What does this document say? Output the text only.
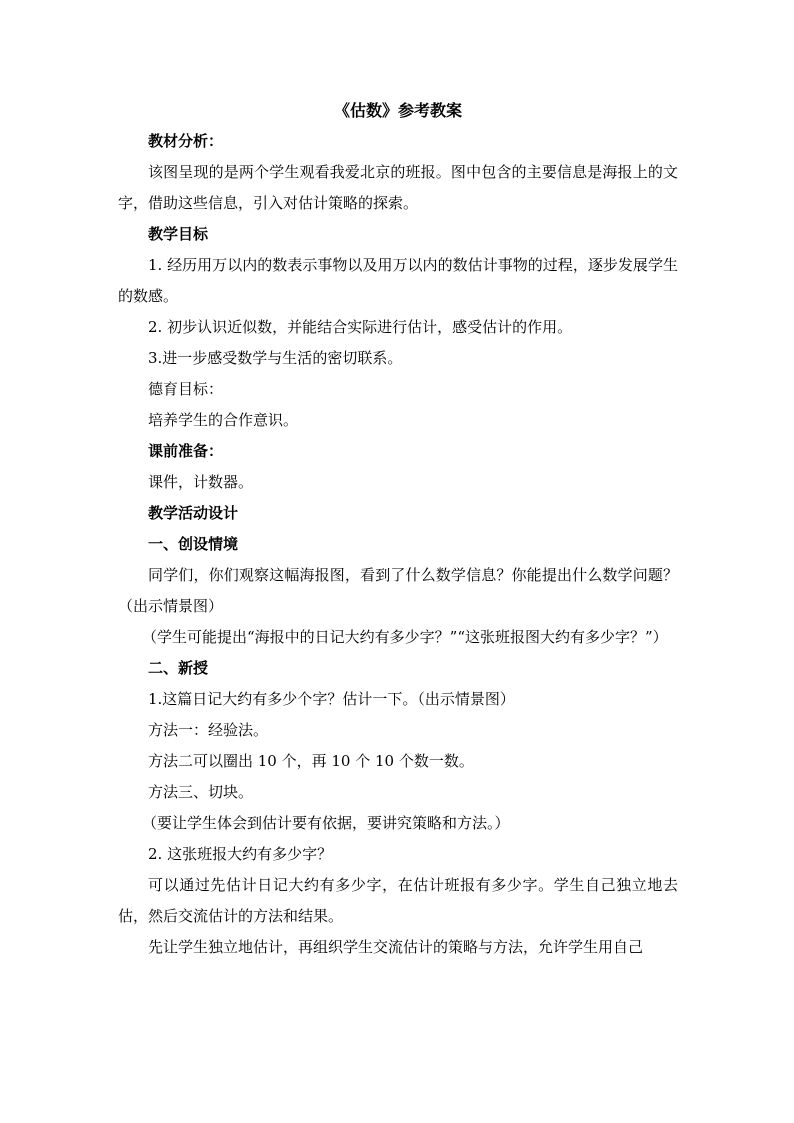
《估数》参考教案

教材分析：

该图呈现的是两个学生观看我爱北京的班报。图中包含的主要信息是海报上的文字，借助这些信息，引入对估计策略的探索。

教学目标

1. 经历用万以内的数表示事物以及用万以内的数估计事物的过程，逐步发展学生的数感。

2. 初步认识近似数，并能结合实际进行估计，感受估计的作用。

3.进一步感受数学与生活的密切联系。

德育目标：

培养学生的合作意识。

课前准备：

课件，计数器。

教学活动设计

一、创设情境

同学们，你们观察这幅海报图，看到了什么数学信息？你能提出什么数学问题？（出示情景图）

（学生可能提出“海报中的日记大约有多少字？”“这张班报图大约有多少字？”）

二、新授

1.这篇日记大约有多少个字？估计一下。（出示情景图）

方法一：经验法。

方法二可以圈出 10 个，再 10 个 10 个数一数。

方法三、切块。

（要让学生体会到估计要有依据，要讲究策略和方法。）

2. 这张班报大约有多少字？

可以通过先估计日记大约有多少字，在估计班报有多少字。学生自己独立地去估，然后交流估计的方法和结果。

先让学生独立地估计，再组织学生交流估计的策略与方法，允许学生用自己
